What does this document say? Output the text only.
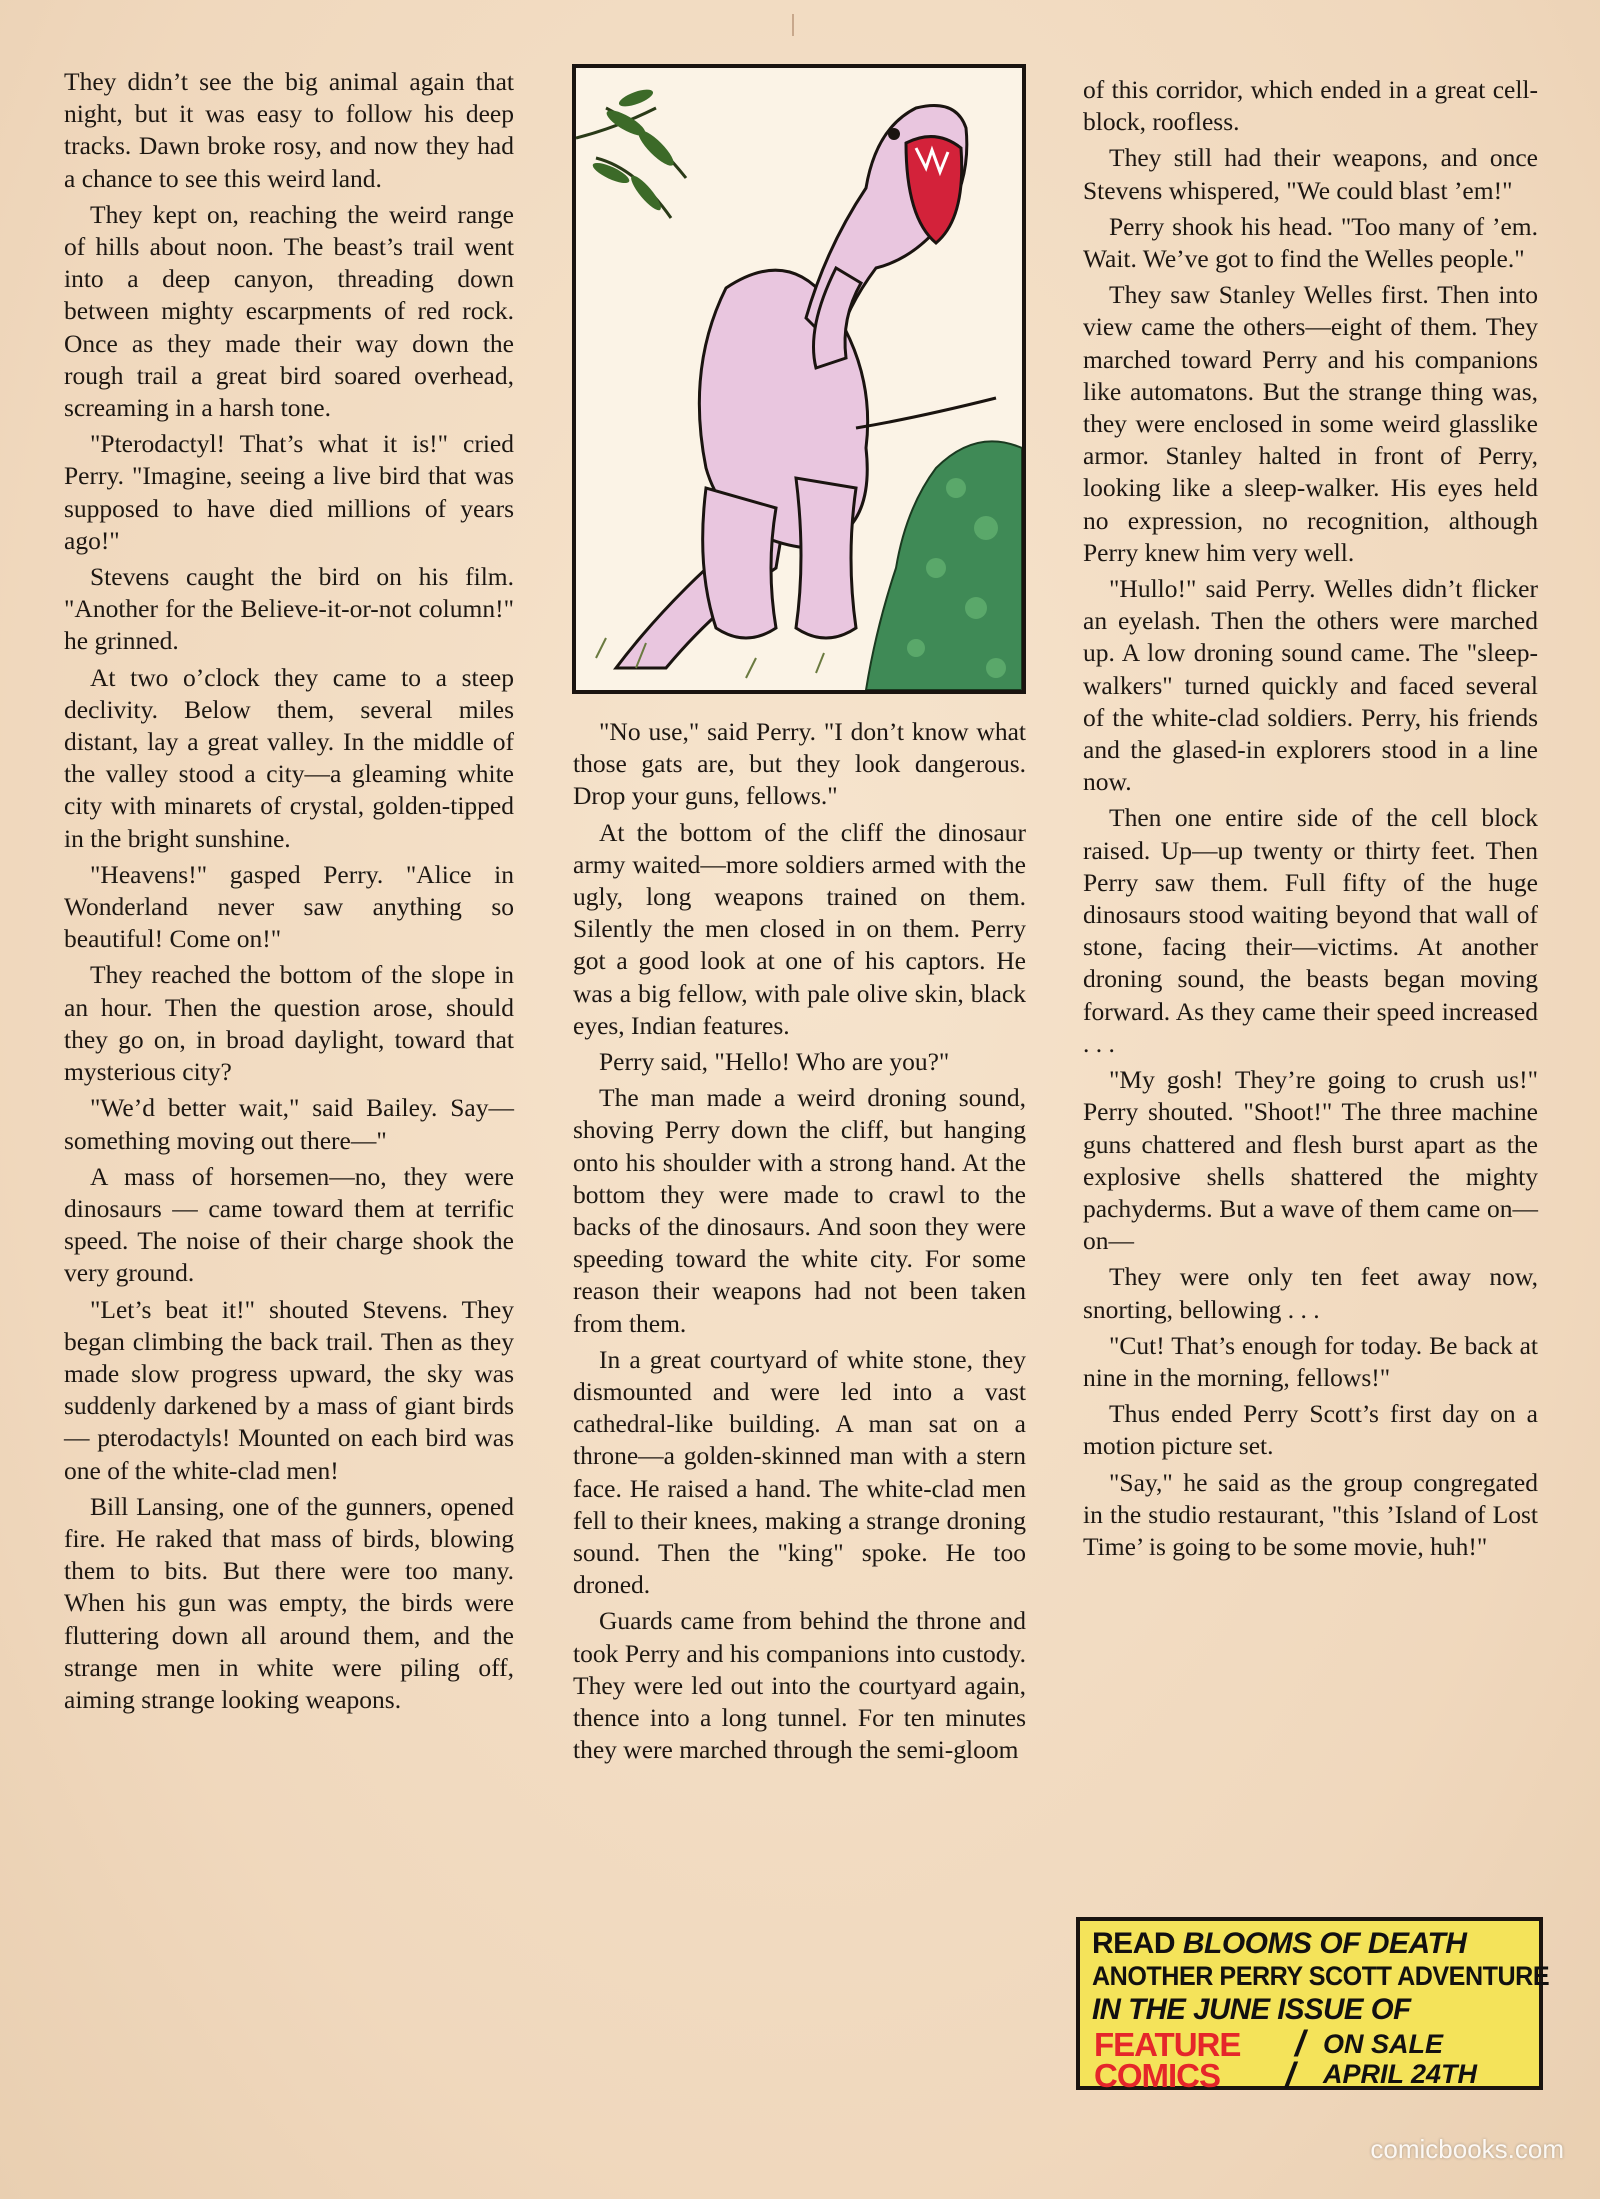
They didn’t see the big animal again that night, but it was easy to follow his deep tracks. Dawn broke rosy, and now they had a chance to see this weird land.

They kept on, reaching the weird range of hills about noon. The beast’s trail went into a deep canyon, threading down between mighty escarpments of red rock. Once as they made their way down the rough trail a great bird soared overhead, screaming in a harsh tone.

"Pterodactyl! That’s what it is!" cried Perry. "Imagine, seeing a live bird that was supposed to have died millions of years ago!"

Stevens caught the bird on his film. "Another for the Believe-it-or-not column!" he grinned.

At two o’clock they came to a steep declivity. Below them, several miles distant, lay a great valley. In the middle of the valley stood a city—a gleaming white city with minarets of crystal, golden-tipped in the bright sunshine.

"Heavens!" gasped Perry. "Alice in Wonderland never saw anything so beautiful! Come on!"

They reached the bottom of the slope in an hour. Then the question arose, should they go on, in broad daylight, toward that mysterious city?

"We’d better wait," said Bailey. Say—something moving out there—"

A mass of horsemen—no, they were dinosaurs — came toward them at terrific speed. The noise of their charge shook the very ground.

"Let’s beat it!" shouted Stevens. They began climbing the back trail. Then as they made slow progress upward, the sky was suddenly darkened by a mass of giant birds — pterodactyls! Mounted on each bird was one of the white-clad men!

Bill Lansing, one of the gunners, opened fire. He raked that mass of birds, blowing them to bits. But there were too many. When his gun was empty, the birds were fluttering down all around them, and the strange men in white were piling off, aiming strange looking weapons.

"No use," said Perry. "I don’t know what those gats are, but they look dangerous. Drop your guns, fellows."

At the bottom of the cliff the dinosaur army waited—more soldiers armed with the ugly, long weapons trained on them. Silently the men closed in on them. Perry got a good look at one of his captors. He was a big fellow, with pale olive skin, black eyes, Indian features.

Perry said, "Hello! Who are you?"

The man made a weird droning sound, shoving Perry down the cliff, but hanging onto his shoulder with a strong hand. At the bottom they were made to crawl to the backs of the dinosaurs. And soon they were speeding toward the white city. For some reason their weapons had not been taken from them.

In a great courtyard of white stone, they dismounted and were led into a vast cathedral-like building. A man sat on a throne—a golden-skinned man with a stern face. He raised a hand. The white-clad men fell to their knees, making a strange droning sound. Then the "king" spoke. He too droned.

Guards came from behind the throne and took Perry and his companions into custody. They were led out into the courtyard again, thence into a long tunnel. For ten minutes they were marched through the semi-gloom

of this corridor, which ended in a great cell-block, roofless.

They still had their weapons, and once Stevens whispered, "We could blast ’em!"

Perry shook his head. "Too many of ’em. Wait. We’ve got to find the Welles people."

They saw Stanley Welles first. Then into view came the others—eight of them. They marched toward Perry and his companions like automatons. But the strange thing was, they were enclosed in some weird glasslike armor. Stanley halted in front of Perry, looking like a sleep-walker. His eyes held no expression, no recognition, although Perry knew him very well.

"Hullo!" said Perry. Welles didn’t flicker an eyelash. Then the others were marched up. A low droning sound came. The "sleep-walkers" turned quickly and faced several of the white-clad soldiers. Perry, his friends and the glased-in explorers stood in a line now.

Then one entire side of the cell block raised. Up—up twenty or thirty feet. Then Perry saw them. Full fifty of the huge dinosaurs stood waiting beyond that wall of stone, facing their—victims. At another droning sound, the beasts began moving forward. As they came their speed increased . . .

"My gosh! They’re going to crush us!" Perry shouted. "Shoot!" The three machine guns chattered and flesh burst apart as the explosive shells shattered the mighty pachyderms. But a wave of them came on—on—

They were only ten feet away now, snorting, bellowing . . .

"Cut! That’s enough for today. Be back at nine in the morning, fellows!"

Thus ended Perry Scott’s first day on a motion picture set.

"Say," he said as the group congregated in the studio restaurant, "this ’Island of Lost Time’ is going to be some movie, huh!"

READ BLOOMS OF DEATH
ANOTHER PERRY SCOTT ADVENTURE
IN THE JUNE ISSUE OF
FEATURE
COMICS
/
/
ON SALE
APRIL 24TH
comicbooks.com
